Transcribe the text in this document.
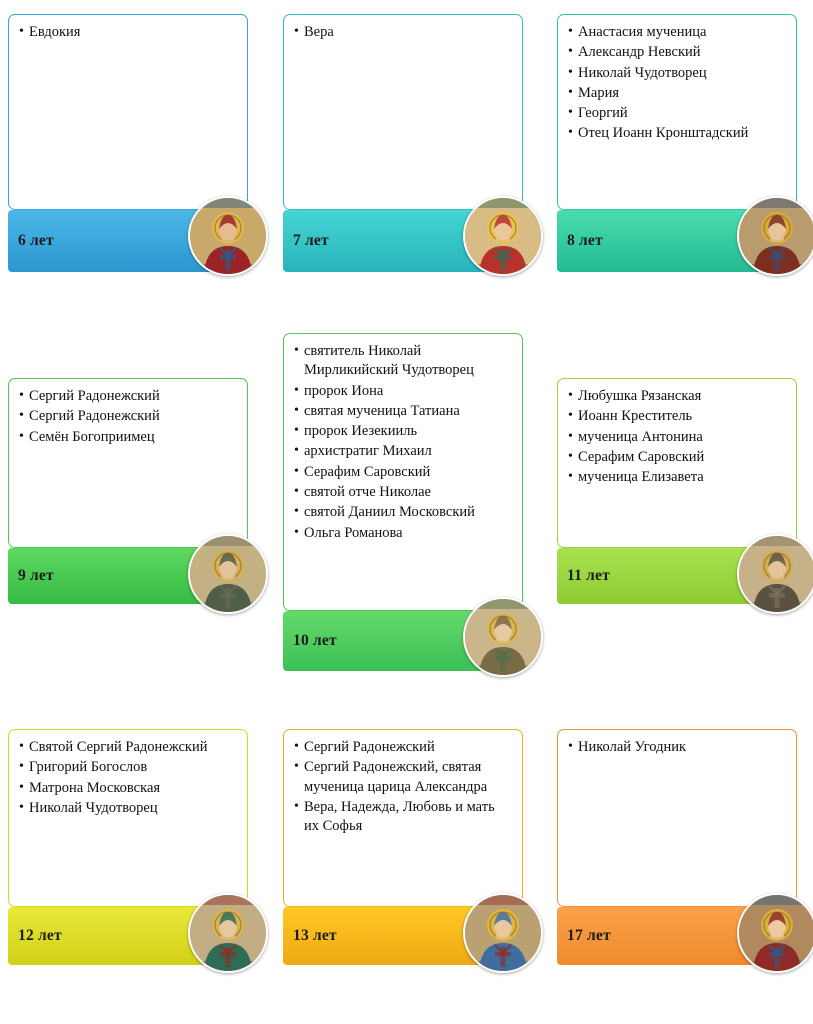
• Евдокия
6 лет
• Вера
7 лет
• Анастасия мученица
• Александр Невский
• Николай Чудотворец
• Мария
• Георгий
• Отец Иоанн Кронштадский
8 лет
• Сергий Радонежский
• Сергий Радонежский
• Семён Богоприимец
9 лет
• святитель Николай Мирликийский Чудотворец
• пророк Иона
• святая мученица Татиана
• пророк Иезекииль
• архистратиг Михаил
• Серафим Саровский
• святой отче Николае
• святой Даниил Московский
• Ольга Романова
10 лет
• Любушка Рязанская
• Иоанн Креститель
• мученица Антонина
• Серафим Саровский
• мученица Елизавета
11 лет
• Святой Сергий Радонежский
• Григорий Богослов
• Матрона Московская
• Николай Чудотворец
12 лет
• Сергий Радонежский
• Сергий Радонежский, святая мученица царица Александра
• Вера, Надежда, Любовь и мать их Софья
13 лет
• Николай Угодник
17 лет
